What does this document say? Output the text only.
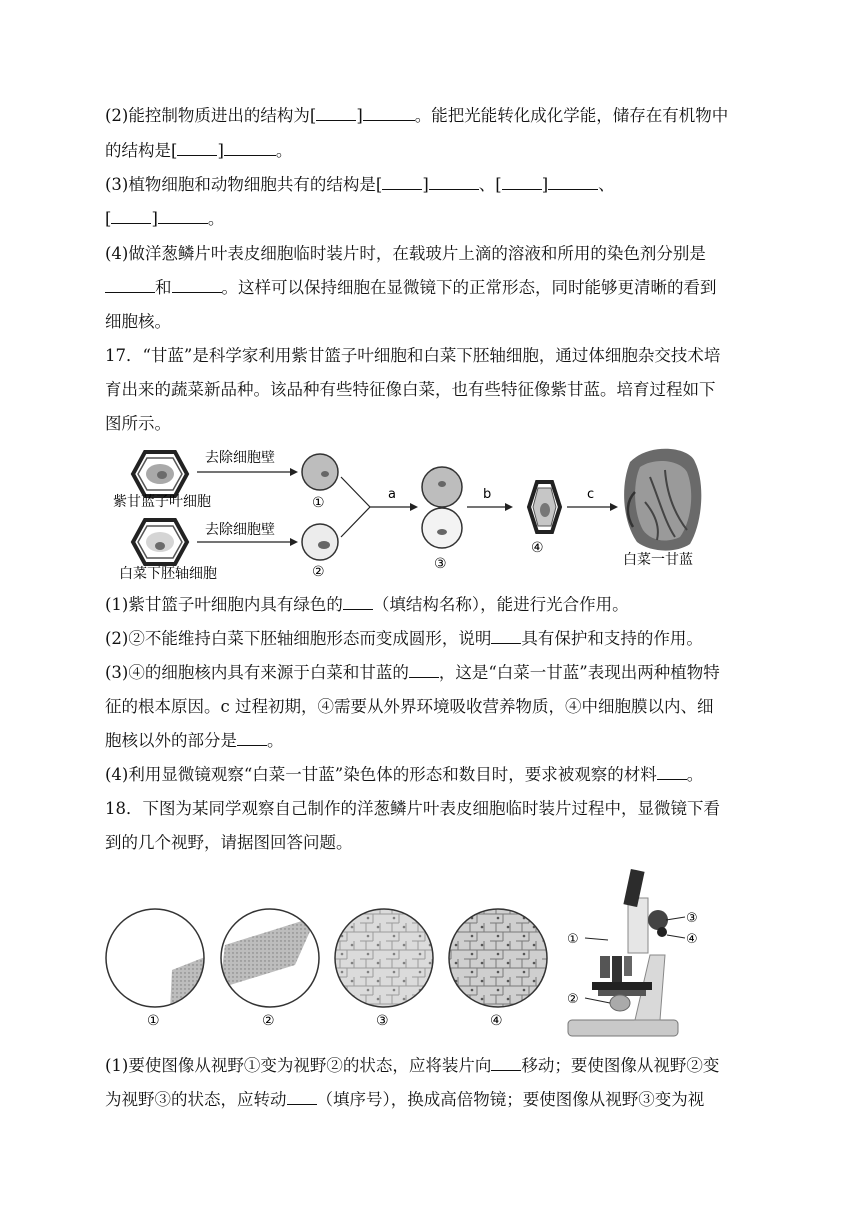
(2)能控制物质进出的结构为[ ]	。能把光能转化成化学能，储存在有机物中
的结构是[ ]	。
(3)植物细胞和动物细胞共有的结构是[ ]	、[ ]	、
[ ]	。
(4)做洋葱鳞片叶表皮细胞临时装片时，在载玻片上滴的溶液和所用的染色剂分别是
和	。这样可以保持细胞在显微镜下的正常形态，同时能够更清晰的看到
细胞核。
17．“甘蓝”是科学家利用紫甘篮子叶细胞和白菜下胚轴细胞，通过体细胞杂交技术培
育出来的蔬菜新品种。该品种有些特征像白菜，也有些特征像紫甘蓝。培育过程如下
图所示。
紫甘蓝子叶细胞
白菜下胚轴细胞
去除细胞壁
去除细胞壁
①
②
a
③
b
④
c
白菜一甘蓝
(1)紫甘篮子叶细胞内具有绿色的 （填结构名称），能进行光合作用。
(2)②不能维持白菜下胚轴细胞形态而变成圆形，说明 具有保护和支持的作用。
(3)④的细胞核内具有来源于白菜和甘蓝的 ，这是“白菜一甘蓝”表现出两种植物特
征的根本原因。c 过程初期，④需要从外界环境吸收营养物质，④中细胞膜以内、细
胞核以外的部分是 。
(4)利用显微镜观察“白菜一甘蓝”染色体的形态和数目时，要求被观察的材料 。
18．下图为某同学观察自己制作的洋葱鳞片叶表皮细胞临时装片过程中，显微镜下看
到的几个视野，请据图回答问题。
①	②	③	④
③
④
①
②
(1)要使图像从视野①变为视野②的状态，应将装片向 移动；要使图像从视野②变
为视野③的状态，应转动 （填序号），换成高倍物镜；要使图像从视野③变为视
